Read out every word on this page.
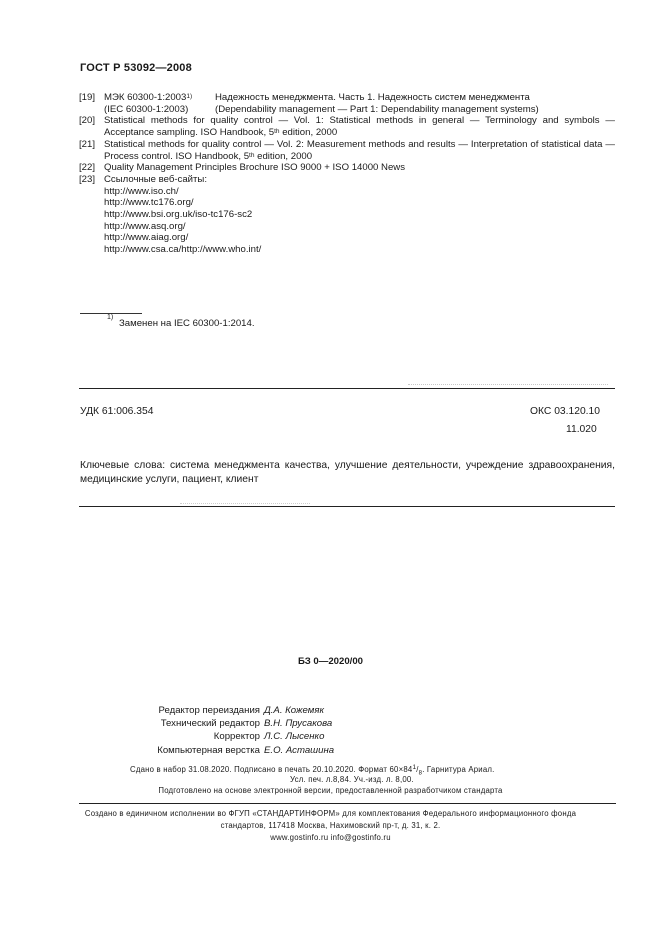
ГОСТ Р 53092—2008
[19] МЭК 60300-1:2003$^{1)}$	Надежность менеджмента. Часть 1. Надежность систем менеджмента
(IEC 60300-1:2003)	(Dependability management — Part 1: Dependability management systems)
[20] Statistical methods for quality control — Vol. 1: Statistical methods in general — Terminology and symbols — Acceptance sampling. ISO Handbook, 5th edition, 2000
[21] Statistical methods for quality control — Vol. 2: Measurement methods and results — Interpretation of statistical data — Process control. ISO Handbook, 5th edition, 2000
[22] Quality Management Principles Brochure ISO 9000 + ISO 14000 News
[23] Ссылочные веб-сайты:
http://www.iso.ch/
http://www.tc176.org/
http://www.bsi.org.uk/iso-tc176-sc2
http://www.asq.org/
http://www.aiag.org/
http://www.csa.ca/http://www.who.int/
1)
Заменен на IEC 60300-1:2014.
УДК 61:006.354	ОКС 03.120.10
11.020
Ключевые слова: система менеджмента качества, улучшение деятельности, учреждение здравоохранения, медицинские услуги, пациент, клиент
БЗ 0—2020/00
Редактор переиздания Д.А. Кожемяк
Технический редактор В.Н. Прусакова
Корректор Л.С. Лысенко
Компьютерная верстка Е.О. Асташина
Сдано в набор 31.08.2020. Подписано в печать 20.10.2020. Формат $60\times 84^1/_8$. Гарнитура Ариал.
Усл. печ. л.8,84. Уч.-изд. л. 8,00.
Подготовлено на основе электронной версии, предоставленной разработчиком стандарта
Создано в единичном исполнении во ФГУП «СТАНДАРТИНФОРМ» для комплектования Федерального информационного фонда
стандартов, 117418 Москва, Нахимовский пр-т, д. 31, к. 2.
www.gostinfo.ru info@gostinfo.ru
